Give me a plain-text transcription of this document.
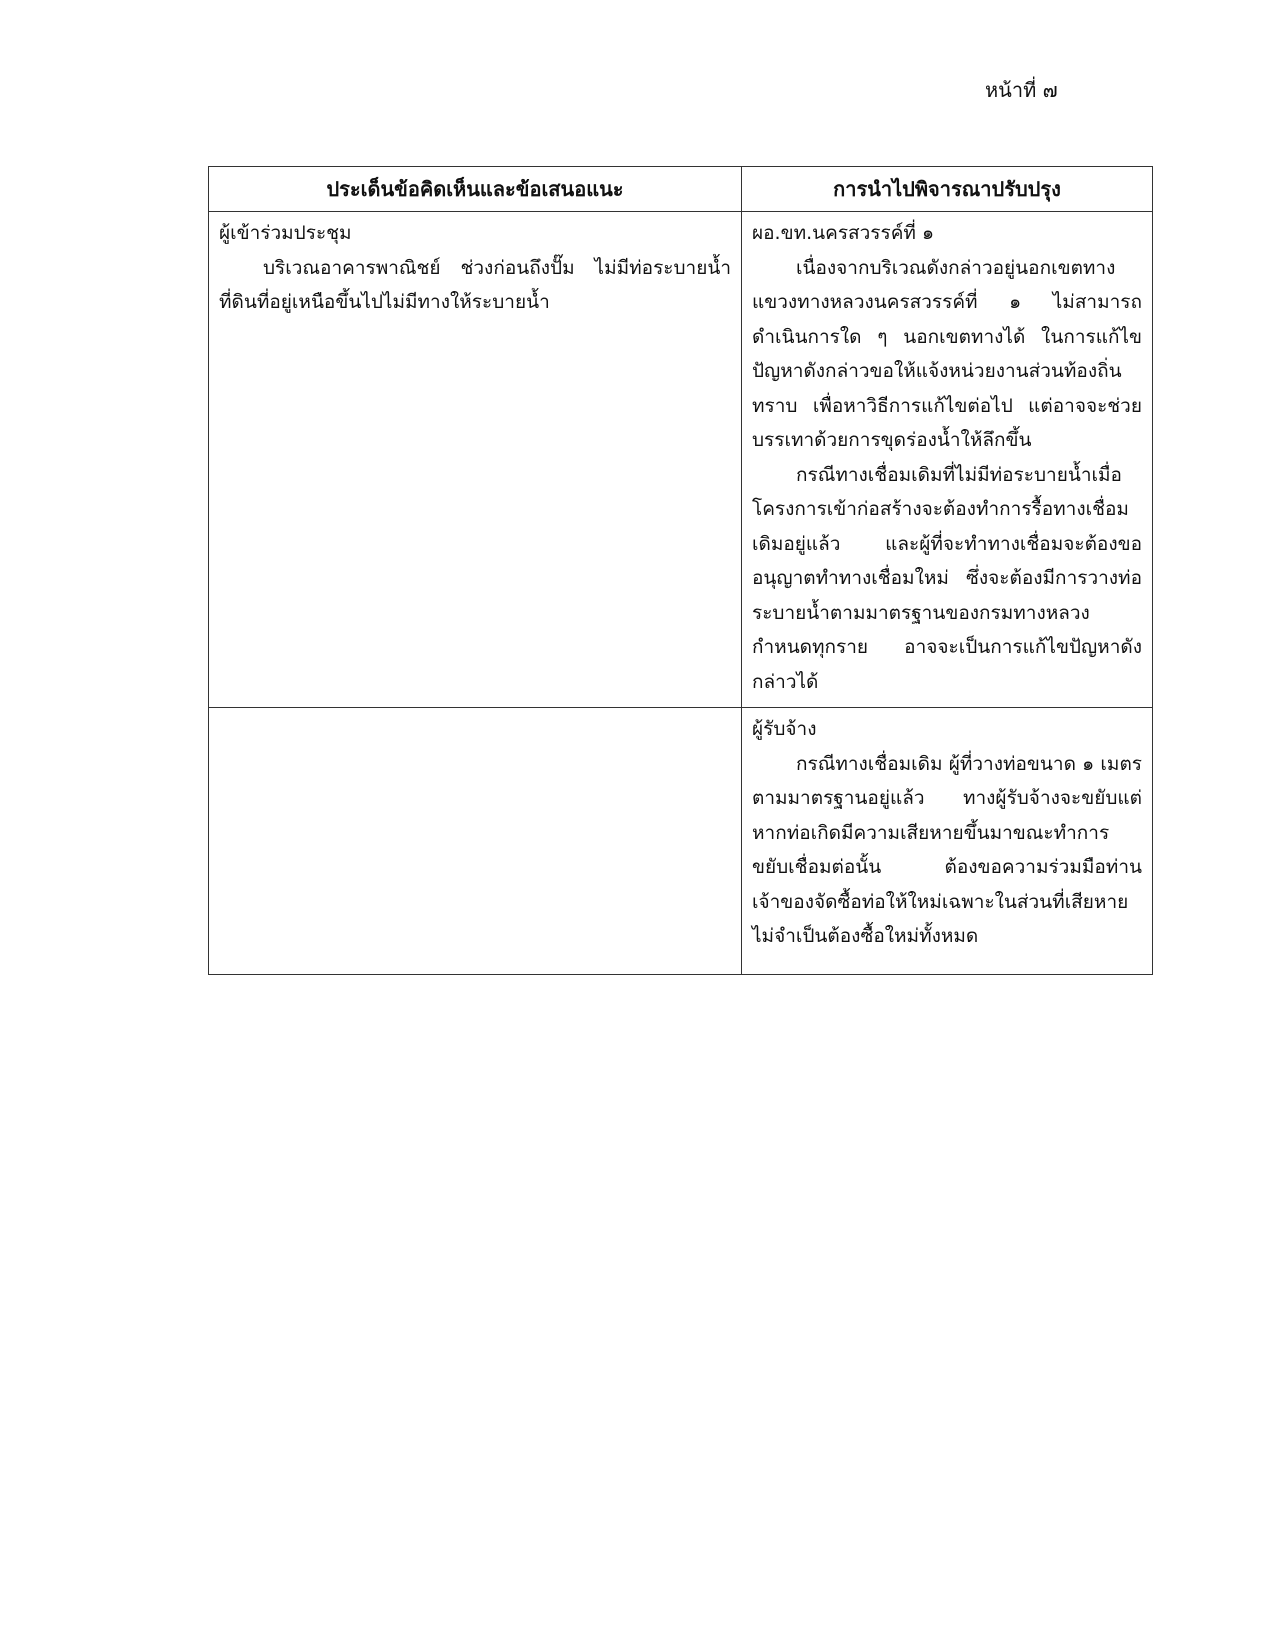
หน้าที่ ๗
ประเด็นข้อคิดเห็นและข้อเสนอแนะ	การนำไปพิจารณาปรับปรุง

ผู้เข้าร่วมประชุม
บริเวณอาคารพาณิชย์ ช่วงก่อนถึงปั๊ม ไม่มีท่อระบายน้ำที่ดินที่อยู่เหนือขึ้นไปไม่มีทางให้ระบายน้ำ	ผอ.ขท.นครสวรรค์ที่ ๑
เนื่องจากบริเวณดังกล่าวอยู่นอกเขตทางแขวงทางหลวงนครสวรรค์ที่ ๑ ไม่สามารถดำเนินการใด ๆ นอกเขตทางได้ ในการแก้ไขปัญหาดังกล่าวขอให้แจ้งหน่วยงานส่วนท้องถิ่นทราบ เพื่อหาวิธีการแก้ไขต่อไป แต่อาจจะช่วยบรรเทาด้วยการขุดร่องน้ำให้ลึกขึ้น
กรณีทางเชื่อมเดิมที่ไม่มีท่อระบายน้ำเมื่อโครงการเข้าก่อสร้างจะต้องทำการรื้อทางเชื่อมเดิมอยู่แล้ว และผู้ที่จะทำทางเชื่อมจะต้องขออนุญาตทำทางเชื่อมใหม่ ซึ่งจะต้องมีการวางท่อระบายน้ำตามมาตรฐานของกรมทางหลวงกำหนดทุกราย อาจจะเป็นการแก้ไขปัญหาดังกล่าวได้

	ผู้รับจ้าง
กรณีทางเชื่อมเดิม ผู้ที่วางท่อขนาด ๑ เมตรตามมาตรฐานอยู่แล้ว ทางผู้รับจ้างจะขยับแต่หากท่อเกิดมีความเสียหายขึ้นมาขณะทำการขยับเชื่อมต่อนั้น ต้องขอความร่วมมือท่านเจ้าของจัดซื้อท่อให้ใหม่เฉพาะในส่วนที่เสียหายไม่จำเป็นต้องซื้อใหม่ทั้งหมด
